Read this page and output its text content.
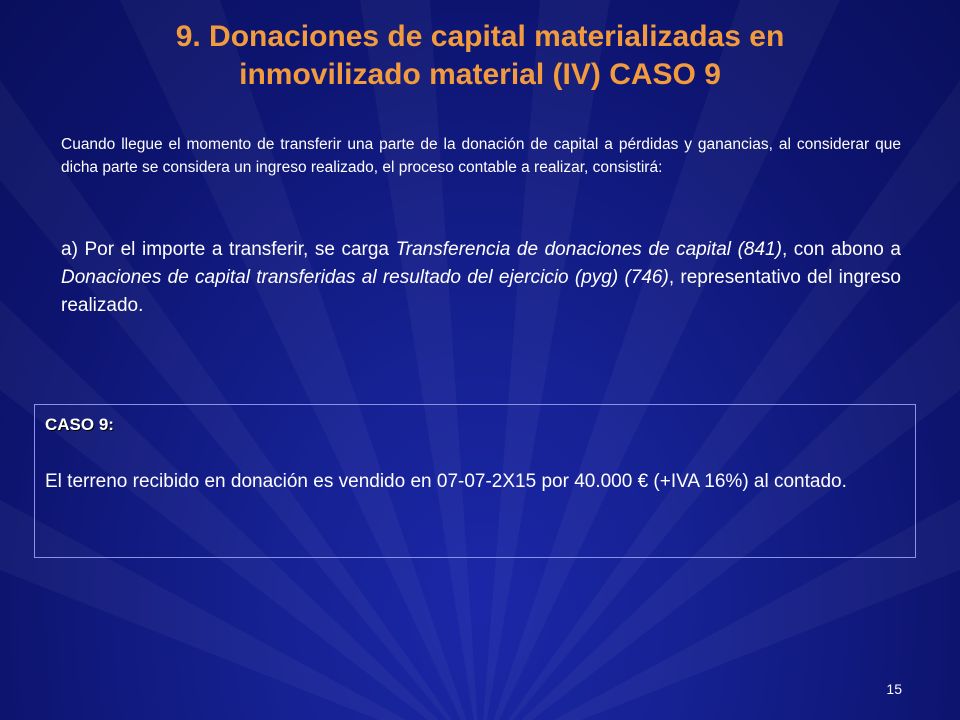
9. Donaciones de capital materializadas en
inmovilizado material (IV) CASO 9
Cuando llegue el momento de transferir una parte de la donación de capital a pérdidas y ganancias, al considerar que dicha parte se considera un ingreso realizado, el proceso contable a realizar, consistirá:
a) Por el importe a transferir, se carga Transferencia de donaciones de capital (841), con abono a Donaciones de capital transferidas al resultado del ejercicio (pyg) (746), representativo del ingreso realizado.
CASO 9:
El terreno recibido en donación es vendido en 07-07-2X15 por 40.000 € (+IVA 16%) al contado.
15
